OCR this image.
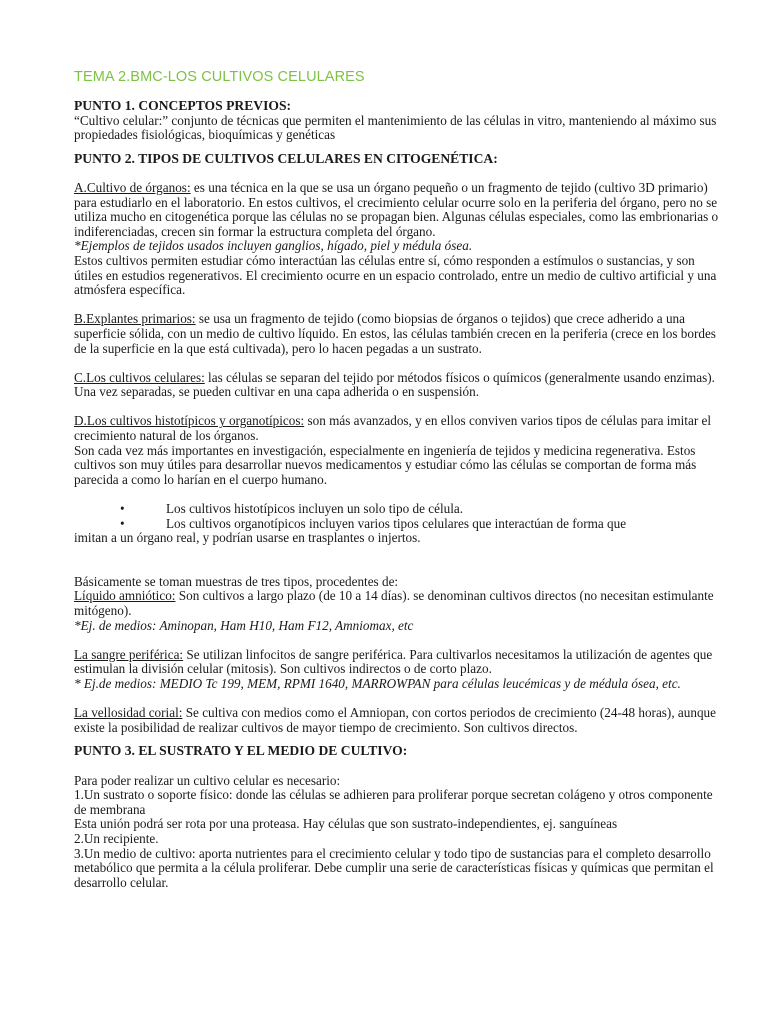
TEMA 2.BMC-LOS CULTIVOS CELULARES

PUNTO 1. CONCEPTOS PREVIOS:

“Cultivo celular:” conjunto de técnicas que permiten el mantenimiento de las células in vitro, manteniendo al máximo sus propiedades fisiológicas, bioquímicas y genéticas

PUNTO 2. TIPOS DE CULTIVOS CELULARES EN CITOGENÉTICA:

A.Cultivo de órganos: es una técnica en la que se usa un órgano pequeño o un fragmento de tejido (cultivo 3D primario) para estudiarlo en el laboratorio. En estos cultivos, el crecimiento celular ocurre solo en la periferia del órgano, pero no se utiliza mucho en citogenética porque las células no se propagan bien. Algunas células especiales, como las embrionarias o indiferenciadas, crecen sin formar la estructura completa del órgano.

*Ejemplos de tejidos usados incluyen ganglios, hígado, piel y médula ósea.

Estos cultivos permiten estudiar cómo interactúan las células entre sí, cómo responden a estímulos o sustancias, y son útiles en estudios regenerativos. El crecimiento ocurre en un espacio controlado, entre un medio de cultivo artificial y una atmósfera específica.

B.Explantes primarios: se usa un fragmento de tejido (como biopsias de órganos o tejidos) que crece adherido a una superficie sólida, con un medio de cultivo líquido. En estos, las células también crecen en la periferia (crece en los bordes de la superficie en la que está cultivada), pero lo hacen pegadas a un sustrato.

C.Los cultivos celulares: las células se separan del tejido por métodos físicos o químicos (generalmente usando enzimas). Una vez separadas, se pueden cultivar en una capa adherida o en suspensión.

D.Los cultivos histotípicos y organotípicos: son más avanzados, y en ellos conviven varios tipos de células para imitar el crecimiento natural de los órganos.

Son cada vez más importantes en investigación, especialmente en ingeniería de tejidos y medicina regenerativa. Estos cultivos son muy útiles para desarrollar nuevos medicamentos y estudiar cómo las células se comportan de forma más parecida a como lo harían en el cuerpo humano.

•	Los cultivos histotípicos incluyen un solo tipo de célula.
•	Los cultivos organotípicos incluyen varios tipos celulares que interactúan de forma que

imitan a un órgano real, y podrían usarse en trasplantes o injertos.

Básicamente se toman muestras de tres tipos, procedentes de:

Líquido amniótico: Son cultivos a largo plazo (de 10 a 14 días). se denominan cultivos directos (no necesitan estimulante mitógeno).

*Ej. de medios: Aminopan, Ham H10, Ham F12, Amniomax, etc

La sangre periférica: Se utilizan linfocitos de sangre periférica. Para cultivarlos necesitamos la utilización de agentes que estimulan la división celular (mitosis). Son cultivos indirectos o de corto plazo.

* Ej.de medios: MEDIO Tc 199, MEM, RPMI 1640, MARROWPAN para células leucémicas y de médula ósea, etc.

La vellosidad corial: Se cultiva con medios como el Amniopan, con cortos periodos de crecimiento (24-48 horas), aunque existe la posibilidad de realizar cultivos de mayor tiempo de crecimiento. Son cultivos directos.

PUNTO 3. EL SUSTRATO Y EL MEDIO DE CULTIVO:

Para poder realizar un cultivo celular es necesario:

1.Un sustrato o soporte físico: donde las células se adhieren para proliferar porque secretan colágeno y otros componente de membrana

Esta unión podrá ser rota por una proteasa. Hay células que son sustrato-independientes, ej. sanguíneas

2.Un recipiente.

3.Un medio de cultivo: aporta nutrientes para el crecimiento celular y todo tipo de sustancias para el completo desarrollo metabólico que permita a la célula proliferar. Debe cumplir una serie de características físicas y químicas que permitan el desarrollo celular.
